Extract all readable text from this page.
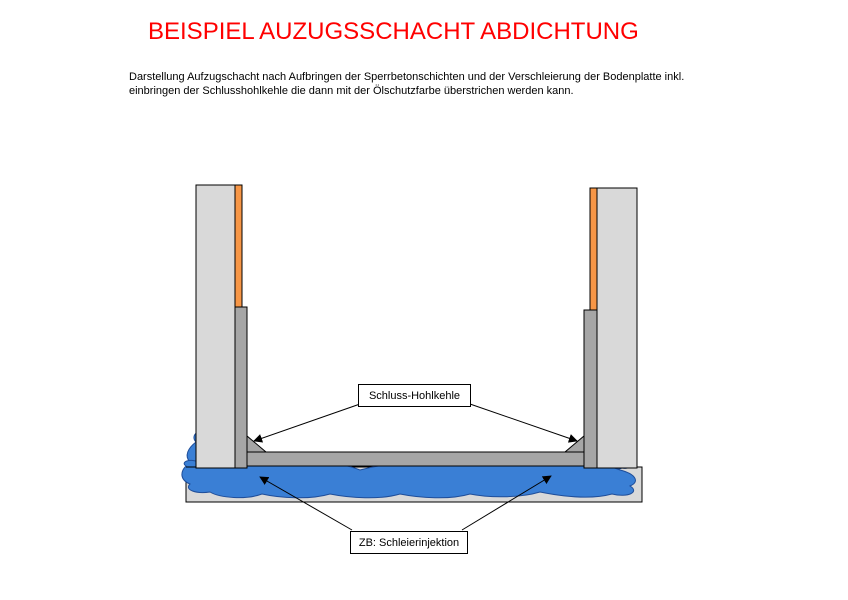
BEISPIEL AUZUGSSCHACHT ABDICHTUNG
Darstellung Aufzugschacht nach Aufbringen der Sperrbetonschichten und der Verschleierung der Bodenplatte inkl.
einbringen der Schlusshohlkehle die dann mit der Ölschutzfarbe überstrichen werden kann.
Schluss-Hohlkehle
ZB: Schleierinjektion
